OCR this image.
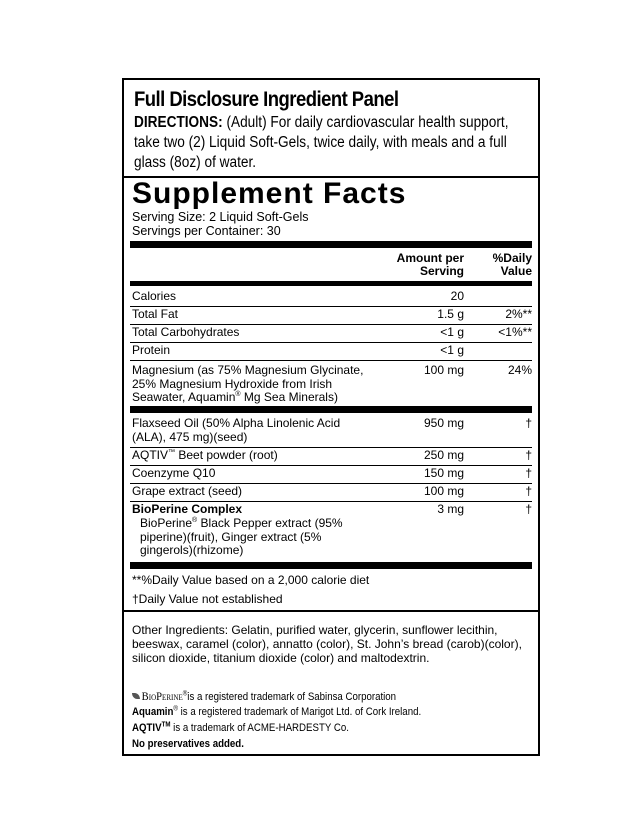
Full Disclosure Ingredient Panel
DIRECTIONS: (Adult) For daily cardiovascular health support, take two (2) Liquid Soft-Gels, twice daily, with meals and a full glass (8oz) of water.
Supplement Facts
Serving Size: 2 Liquid Soft-Gels
Servings per Container: 30
Amount per
Serving
%Daily
Value
Calories	20
Total Fat	1.5 g	2%**
Total Carbohydrates	<1 g	<1%**
Protein	<1 g
Magnesium (as 75% Magnesium Glycinate,
25% Magnesium Hydroxide from Irish
Seawater, Aquamin® Mg Sea Minerals)
100 mg	24%
Flaxseed Oil (50% Alpha Linolenic Acid
(ALA), 475 mg)(seed)
950 mg	†
AQTIV™ Beet powder (root)	250 mg	†
Coenzyme Q10	150 mg	†
Grape extract (seed)	100 mg	†
BioPerine Complex	3 mg	†
BioPerine® Black Pepper extract (95%
piperine)(fruit), Ginger extract (5%
gingerols)(rhizome)
**%Daily Value based on a 2,000 calorie diet
†Daily Value not established
Other Ingredients: Gelatin, purified water, glycerin, sunflower lecithin, beeswax, caramel (color), annatto (color), St. John’s bread (carob)(color), silicon dioxide, titanium dioxide (color) and maltodextrin.
BioPerine®is a registered trademark of Sabinsa Corporation
Aquamin® is a registered trademark of Marigot Ltd. of Cork Ireland.
AQTIV™ is a trademark of ACME-HARDESTY Co.
No preservatives added.
